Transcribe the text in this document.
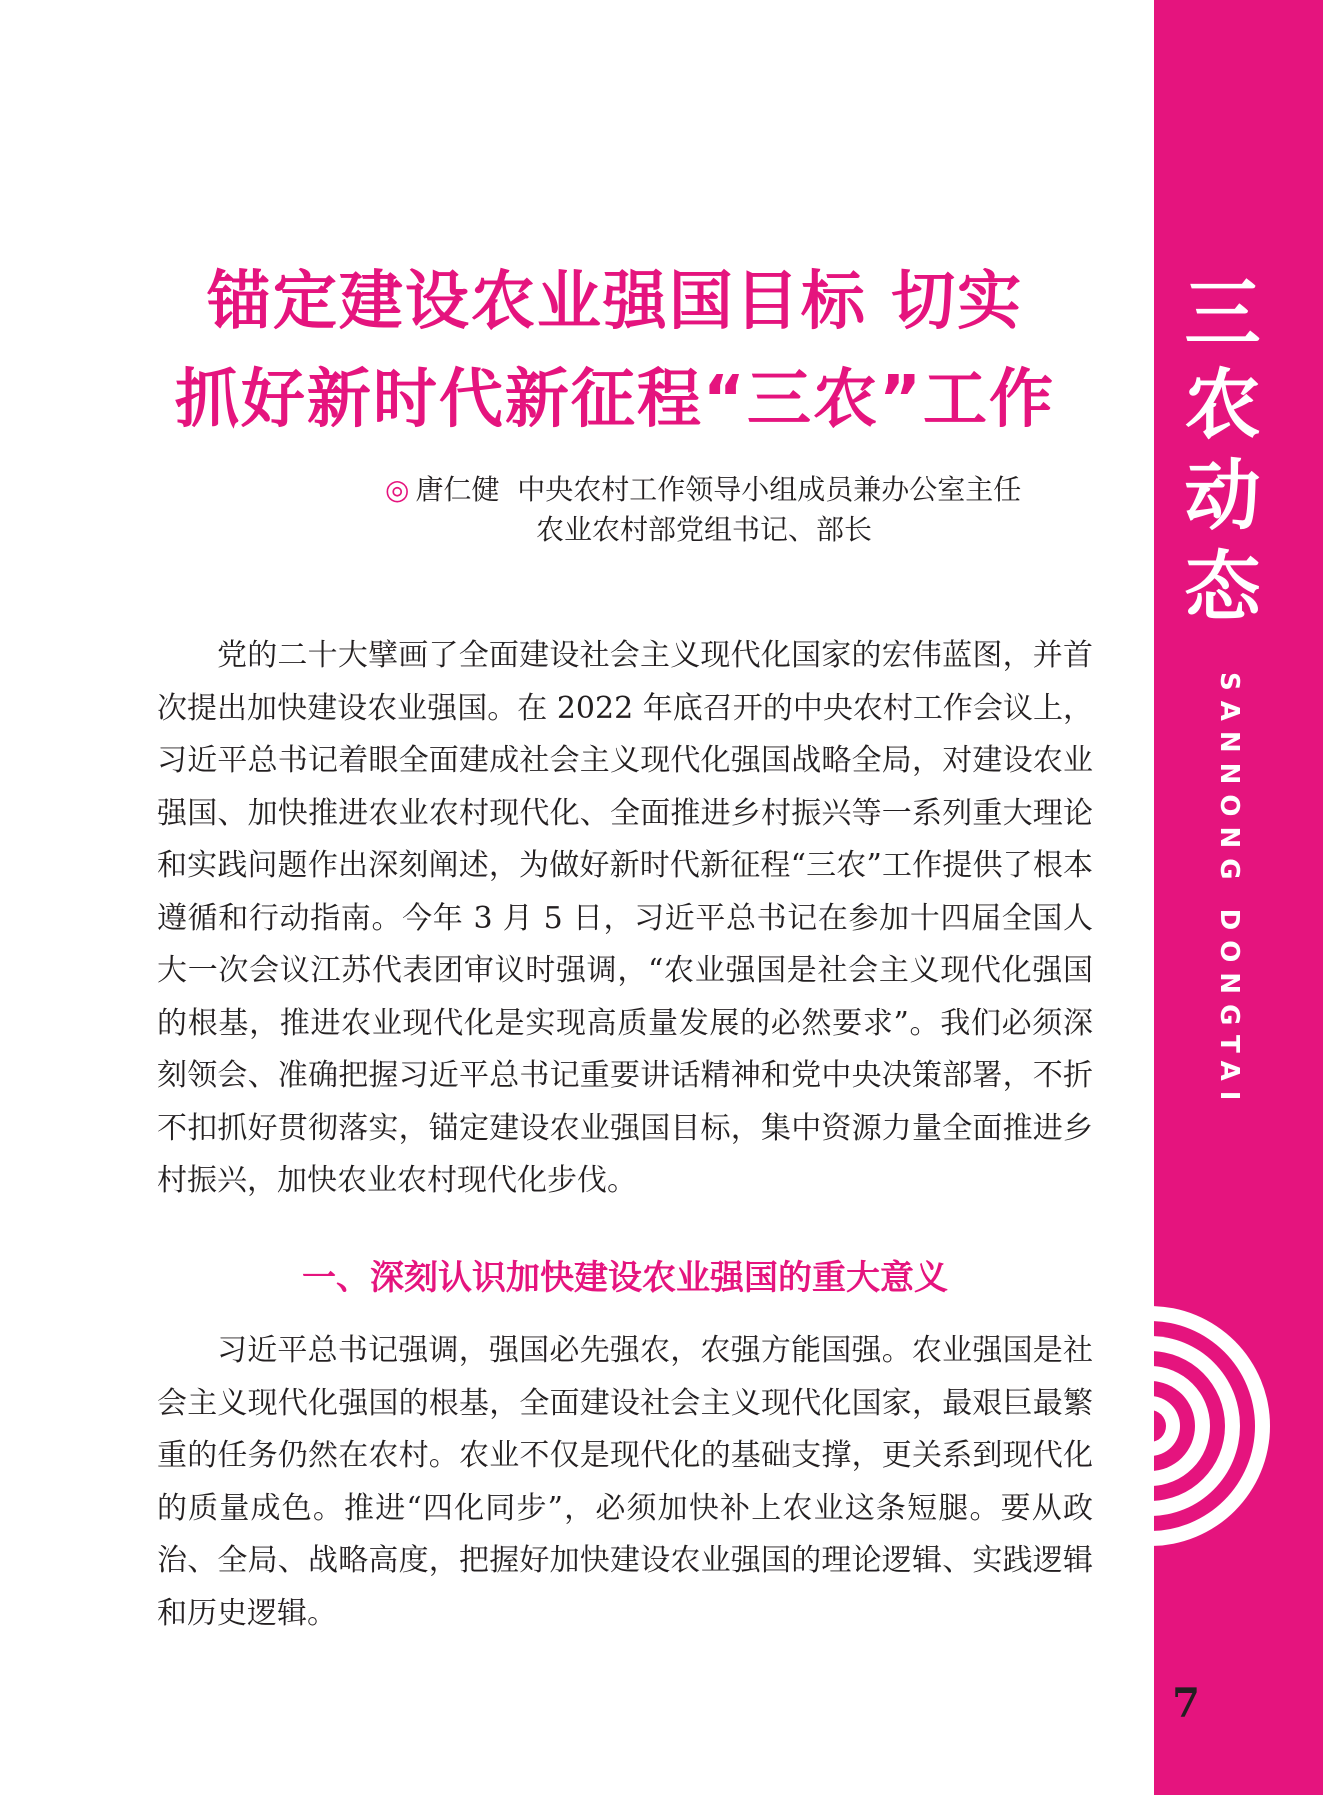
锚定建设农业强国目标 切实
抓好新时代新征程“三农”工作
◎ 唐仁健 中央农村工作领导小组成员兼办公室主任
农业农村部党组书记、部长

党的二十大擘画了全面建设社会主义现代化国家的宏伟蓝图，并首次提出加快建设农业强国。在 2022 年底召开的中央农村工作会议上，习近平总书记着眼全面建成社会主义现代化强国战略全局，对建设农业强国、加快推进农业农村现代化、全面推进乡村振兴等一系列重大理论和实践问题作出深刻阐述，为做好新时代新征程“三农”工作提供了根本遵循和行动指南。今年 3 月 5 日，习近平总书记在参加十四届全国人大一次会议江苏代表团审议时强调，“农业强国是社会主义现代化强国的根基，推进农业现代化是实现高质量发展的必然要求”。我们必须深刻领会、准确把握习近平总书记重要讲话精神和党中央决策部署，不折不扣抓好贯彻落实，锚定建设农业强国目标，集中资源力量全面推进乡村振兴，加快农业农村现代化步伐。

一、深刻认识加快建设农业强国的重大意义

习近平总书记强调，强国必先强农，农强方能国强。农业强国是社会主义现代化强国的根基，全面建设社会主义现代化国家，最艰巨最繁重的任务仍然在农村。农业不仅是现代化的基础支撑，更关系到现代化的质量成色。推进“四化同步”，必须加快补上农业这条短腿。要从政治、全局、战略高度，把握好加快建设农业强国的理论逻辑、实践逻辑和历史逻辑。

三
农
动
态
SANNONG DONGTAI
7
